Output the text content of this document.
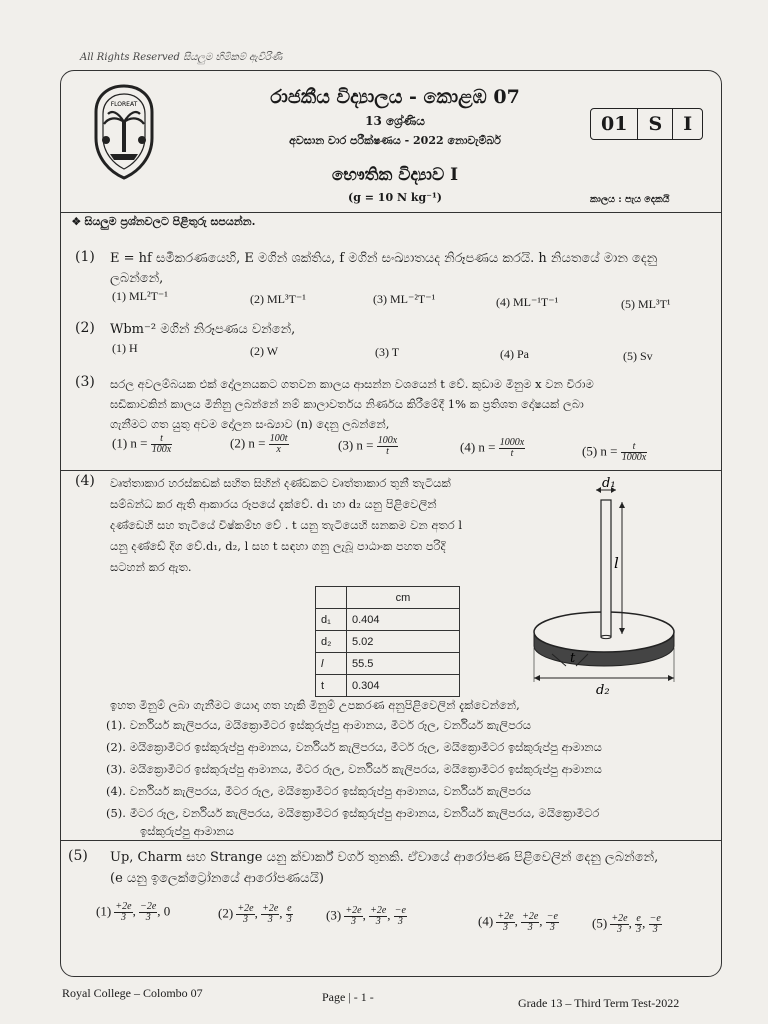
All Rights Reserved සියලුම හිමිකම් ඇවිරිණි
FLOREAT	රාජකීය විද්‍යාලය - කොළඹ 07
13 ශ්‍රේණිය
අවසාන වාර පරීක්ෂණය - 2022 නොවැම්බර්
භෞතික විද්‍යාව I
(g = 10 N kg⁻¹)
01	S	I
කාලය : පැය දෙකයි
❖ සියලුම ප්‍රශ්නවලට පිළිතුරු සපයන්න.
(1) E = hf සමීකරණයෙහි, E මගින් ශක්තිය, f මගින් සංඛ්‍යාතයද නිරූපණය කරයි. h නියතයේ මාන දෙනු
ලබන්නේ,
(1) ML²T⁻¹	(2) ML³T⁻¹	(3) ML⁻²T⁻¹	(4) ML⁻¹T⁻¹	(5) ML³T¹
(2) Wbm⁻² මගින් නිරූපණය වන්නේ,
(1) H	(2) W	(3) T	(4) Pa	(5) Sv
(3) සරල අවලම්බයක එක් දෝලනයකට ගතවන කාලය ආසන්න වශයෙන් t වේ. කුඩාම මිනුම x වන විරාම
ඝඩිකාවකින් කාලය මිනිනු ලබන්නේ නම් කාලාවර්තය නිර්ණය කිරීමේදී 1% ක ප්‍රතිශත දෝෂයක් ලබා
ගැනීමට ගත යුතු අවම දෝලන සංඛ්‍යාව (n) දෙනු ලබන්නේ,
(1) $n = \frac{t}{100x}$	(2) $n = \frac{100t}{x}$	(3) $n = \frac{100x}{t}$	(4) $n = \frac{1000x}{t}$	(5) $n = \frac{t}{1000x}$
(4) වෘත්තාකාර හරස්කඩක් සහිත සිහින් දණ්ඩකට වෘත්තාකාර තුනී තැටියක්
සම්බන්ධ කර ඇති ආකාරය රූපයේ දැක්වේ. d₁ හා d₂ යනු පිළිවෙලින්
දණ්ඩෙහි සහ තැටියේ විෂ්කම්භ වේ . t යනු තැටියෙහි ඝනකම වන අතර l
යනු දණ්ඩේ දිග වේ.d₁, d₂, l සහ t සඳහා ගනු ලැබූ පාඨාංක පහත පරිදි
සටහන් කර ඇත.
	cm
d₁	0.404
d₂	5.02
l	55.5
t	0.304
d₁
l
t
d₂
ඉහත මිනුම් ලබා ගැනීමට යොදා ගත හැකි මිනුම් උපකරණ අනුපිළිවෙලින් දැක්වෙන්නේ,
(1). වර්නියර් කැලිපරය, මයික්‍රොමීටර ඉස්කුරුප්පු ආමානය, මීටර් රූල, වර්නියර් කැලිපරය
(2). මයික්‍රොමීටර ඉස්කුරුප්පු ආමානය, වර්නියර් කැලිපරය, මීටර් රූල, මයික්‍රොමීටර ඉස්කුරුප්පු ආමානය
(3). මයික්‍රොමීටර ඉස්කුරුප්පු ආමානය, මීටර රූල, වර්නියර් කැලිපරය, මයික්‍රොමීටර ඉස්කුරුප්පු ආමානය
(4). වර්නියර් කැලිපරය, මීටර රූල, මයික්‍රොමීටර ඉස්කුරුප්පු ආමානය, වර්නියර් කැලිපරය
(5). මීටර රූල, වර්නියර් කැලිපරය, මයික්‍රොමීටර ඉස්කුරුප්පු ආමානය, වර්නියර් කැලිපරය, මයික්‍රොමීටර
ඉස්කුරුප්පු ආමානය
(5) Up, Charm සහ Strange යනු ක්වාර්ක් වර්ග තුනකි. ඒවායේ ආරෝපණ පිළිවෙලින් දෙනු ලබන්නේ,
(e යනු ඉලෙක්ට්‍රෝනයේ ආරෝපණයයි)
$(1) \frac{+2e}{3}$ , $\frac{-2e}{3}$ , 0	$(2) \frac{+2e}{3}$ , $\frac{+2e}{3}$ , $\frac{e}{3}$	$(3) \frac{+2e}{3}$ , $\frac{+2e}{3}$ , $\frac{-e}{3}$	$(4) \frac{+2e}{3}$ , $\frac{+2e}{3}$ , $\frac{-e}{3}$	$(5) \frac{+2e}{3}$ , $\frac{e}{3}$ , $\frac{-e}{3}$
Royal College – Colombo 07	Page | - 1 -	Grade 13 – Third Term Test-2022
